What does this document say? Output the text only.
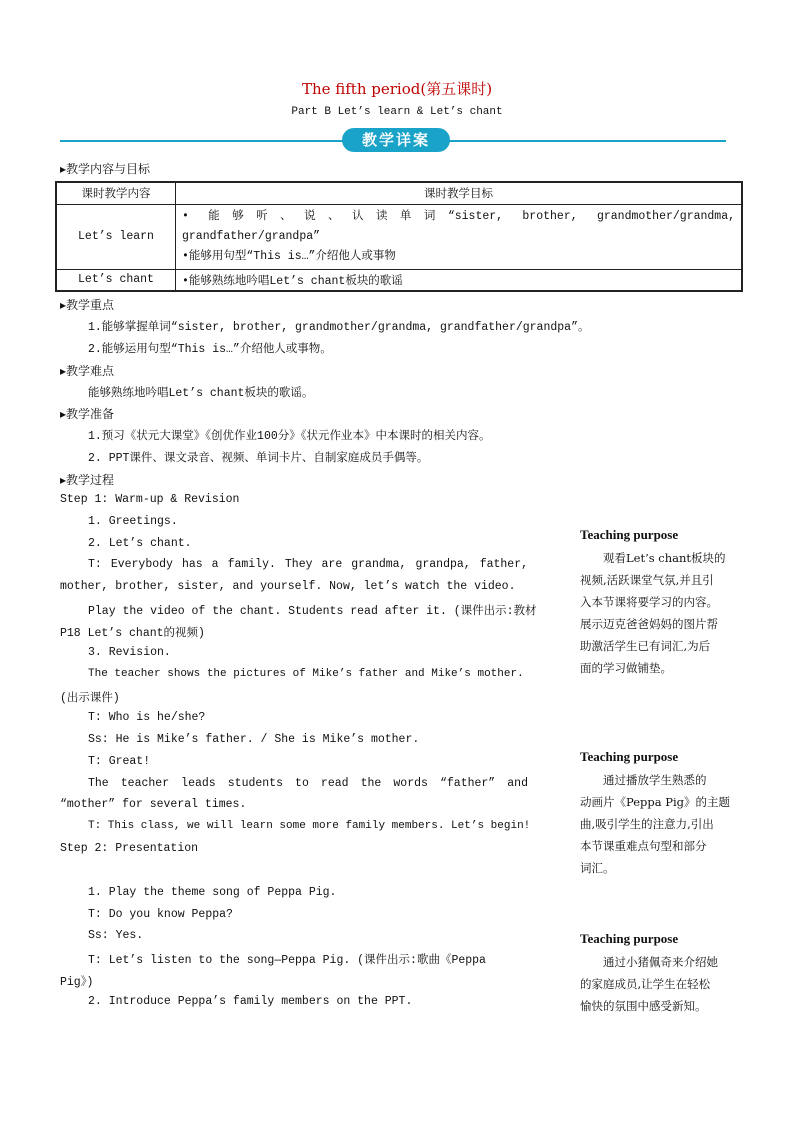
The fifth period(第五课时)
Part B Let’s learn & Let’s chant
教学详案
▸教学内容与目标
课时教学内容	课时教学目标
Let’s learn	• 能够听、说、认读单词“sister, brother, grandmother/grandma,
grandfather/grandpa”
•能够用句型“This is…”介绍他人或事物

Let’s chant	•能够熟练地吟唱Let’s chant板块的歌谣
▸教学重点
1.能够掌握单词“sister, brother, grandmother/grandma, grandfather/grandpa”。
2.能够运用句型“This is…”介绍他人或事物。
▸教学难点
能够熟练地吟唱Let’s chant板块的歌谣。
▸教学准备
1.预习《状元大课堂》《创优作业100分》《状元作业本》中本课时的相关内容。
2. PPT课件、课文录音、视频、单词卡片、自制家庭成员手偶等。
▸教学过程
Step 1: Warm-up & Revision
1. Greetings.
2. Let’s chant.
T: Everybody has a family. They are grandma, grandpa, father,
mother, brother, sister, and yourself. Now, let’s watch the video.
Play the video of the chant. Students read after it. (课件出示:教材
P18 Let’s chant的视频)
3. Revision.
The teacher shows the pictures of Mike’s father and Mike’s mother.
(出示课件)
T: Who is he/she?
Ss: He is Mike’s father. / She is Mike’s mother.
T: Great!
The teacher leads students to read the words “father” and
“mother” for several times.
T: This class, we will learn some more family members. Let’s begin!
Step 2: Presentation
1. Play the theme song of Peppa Pig.
T: Do you know Peppa?
Ss: Yes.
T: Let’s listen to the song—Peppa Pig. (课件出示:歌曲《Peppa
Pig》)
2. Introduce Peppa’s family members on the PPT.
Teaching purpose
观看Let’s chant板块的
视频,活跃课堂气氛,并且引
入本节课将要学习的内容。
展示迈克爸爸妈妈的图片帮
助激活学生已有词汇,为后
面的学习做铺垫。
Teaching purpose
通过播放学生熟悉的
动画片《Peppa Pig》的主题
曲,吸引学生的注意力,引出
本节课重难点句型和部分
词汇。
Teaching purpose
通过小猪佩奇来介绍她
的家庭成员,让学生在轻松
愉快的氛围中感受新知。
